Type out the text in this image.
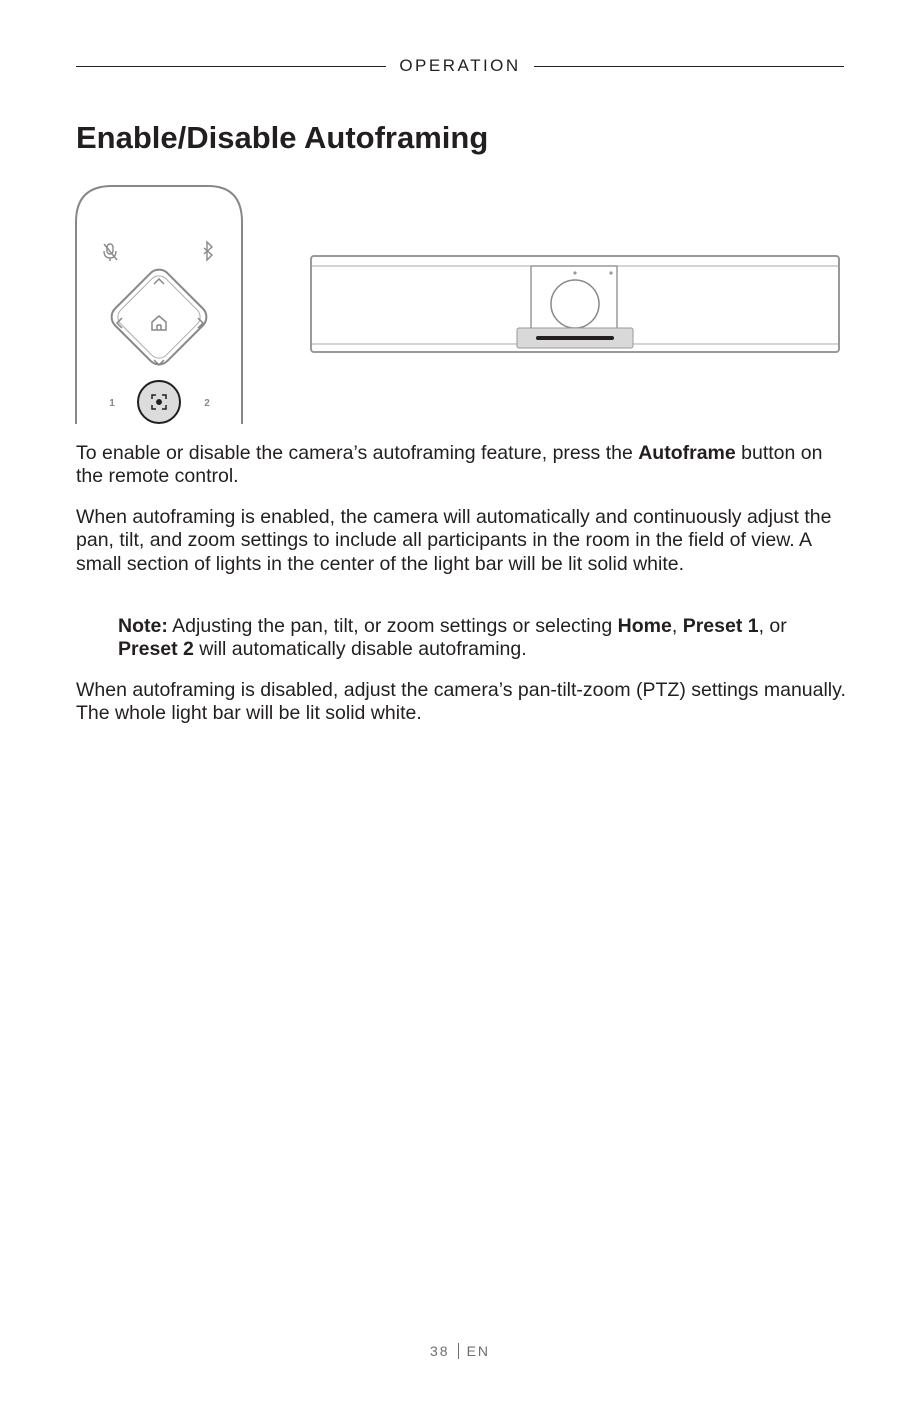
OPERATION
Enable/Disable Autoframing
1	2

To enable or disable the camera’s autoframing feature, press the Autoframe button on the remote control.

When autoframing is enabled, the camera will automatically and continuously adjust the pan, tilt, and zoom settings to include all participants in the room in the field of view. A small section of lights in the center of the light bar will be lit solid white.

Note: Adjusting the pan, tilt, or zoom settings or selecting Home, Preset 1, or Preset 2 will automatically disable autoframing.

When autoframing is disabled, adjust the camera’s pan-tilt-zoom (PTZ) settings manually. The whole light bar will be lit solid white.

38 EN
